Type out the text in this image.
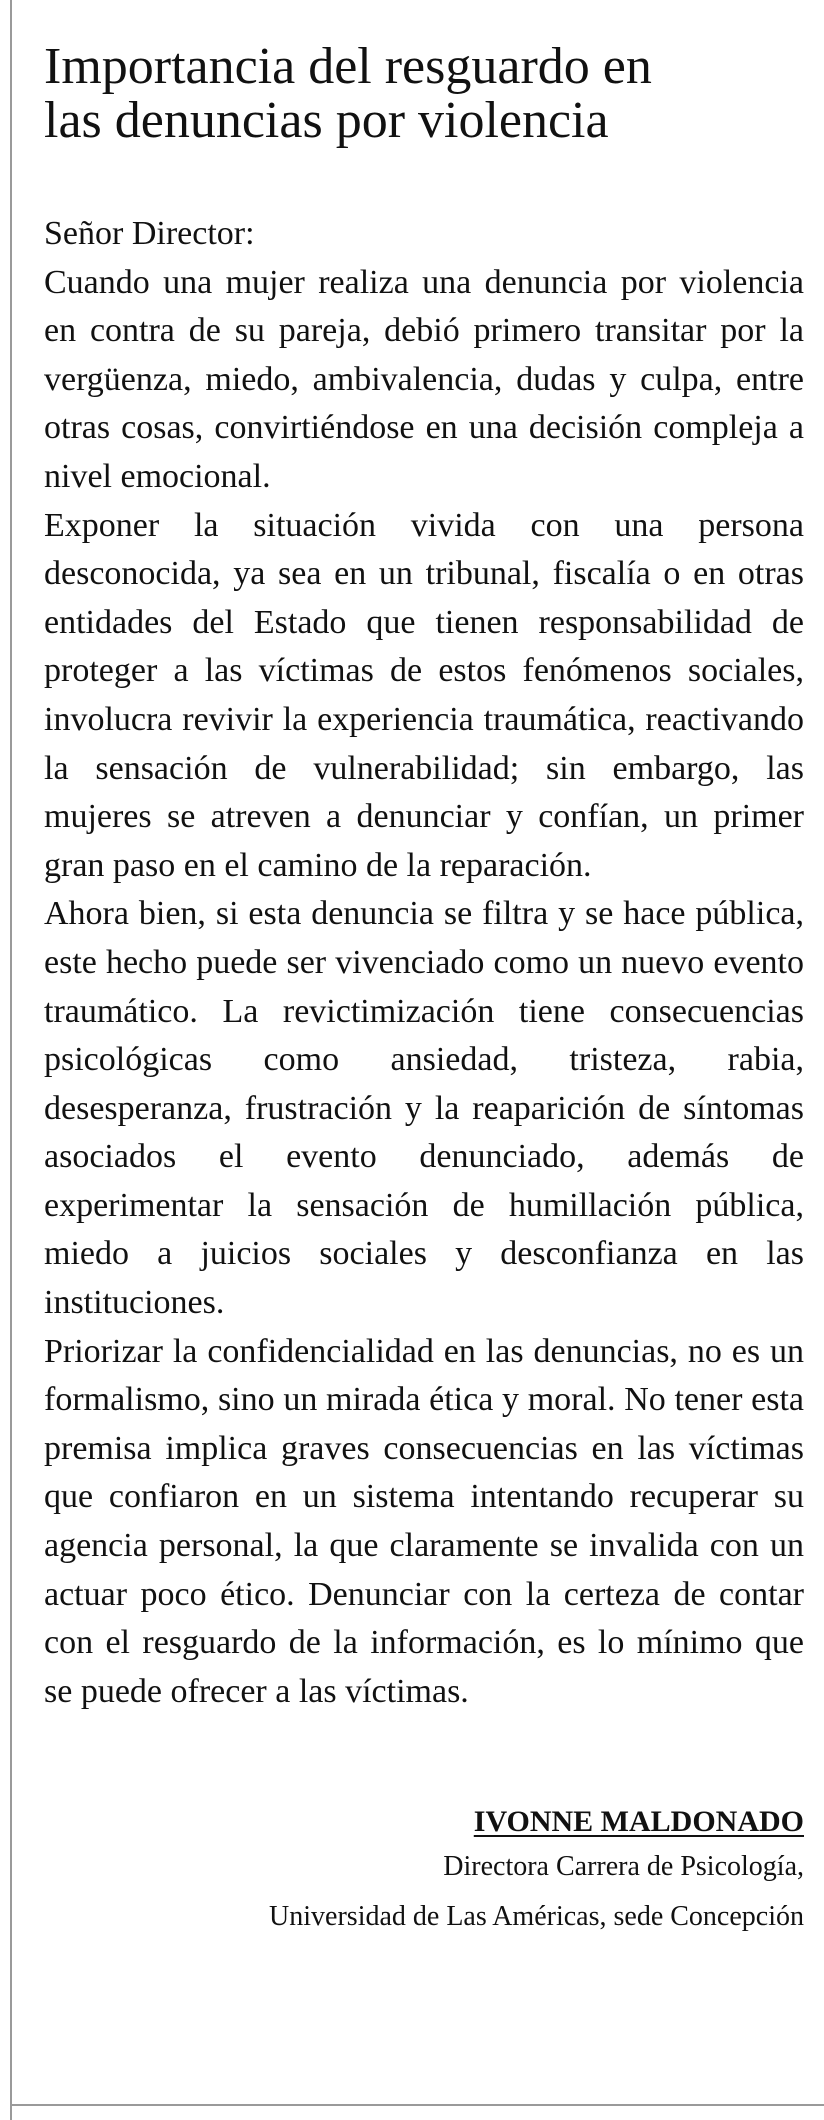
Importancia del resguardo en
las denuncias por violencia

Señor Director:

Cuando una mujer realiza una denuncia por violencia en contra de su pareja, debió primero transitar por la vergüenza, miedo, ambivalencia, dudas y culpa, entre otras cosas, convirtiéndose en una decisión compleja a nivel emocional.

Exponer la situación vivida con una persona desconocida, ya sea en un tribunal, fiscalía o en otras entidades del Estado que tienen responsabilidad de proteger a las víctimas de estos fenómenos sociales, involucra revivir la experiencia traumática, reactivando la sensación de vulnerabilidad; sin embargo, las mujeres se atreven a denunciar y confían, un primer gran paso en el camino de la reparación.

Ahora bien, si esta denuncia se filtra y se hace pública, este hecho puede ser vivenciado como un nuevo evento traumático. La revictimización tiene consecuencias psicológicas como ansiedad, tristeza, rabia, desesperanza, frustración y la reaparición de síntomas asociados el evento denunciado, además de experimentar la sensación de humillación pública, miedo a juicios sociales y desconfianza en las instituciones.

Priorizar la confidencialidad en las denuncias, no es un formalismo, sino un mirada ética y moral. No tener esta premisa implica graves consecuencias en las víctimas que confiaron en un sistema intentando recuperar su agencia personal, la que claramente se invalida con un actuar poco ético. Denunciar con la certeza de contar con el resguardo de la información, es lo mínimo que se puede ofrecer a las víctimas.

IVONNE MALDONADO
Directora Carrera de Psicología,
Universidad de Las Américas, sede Concepción
